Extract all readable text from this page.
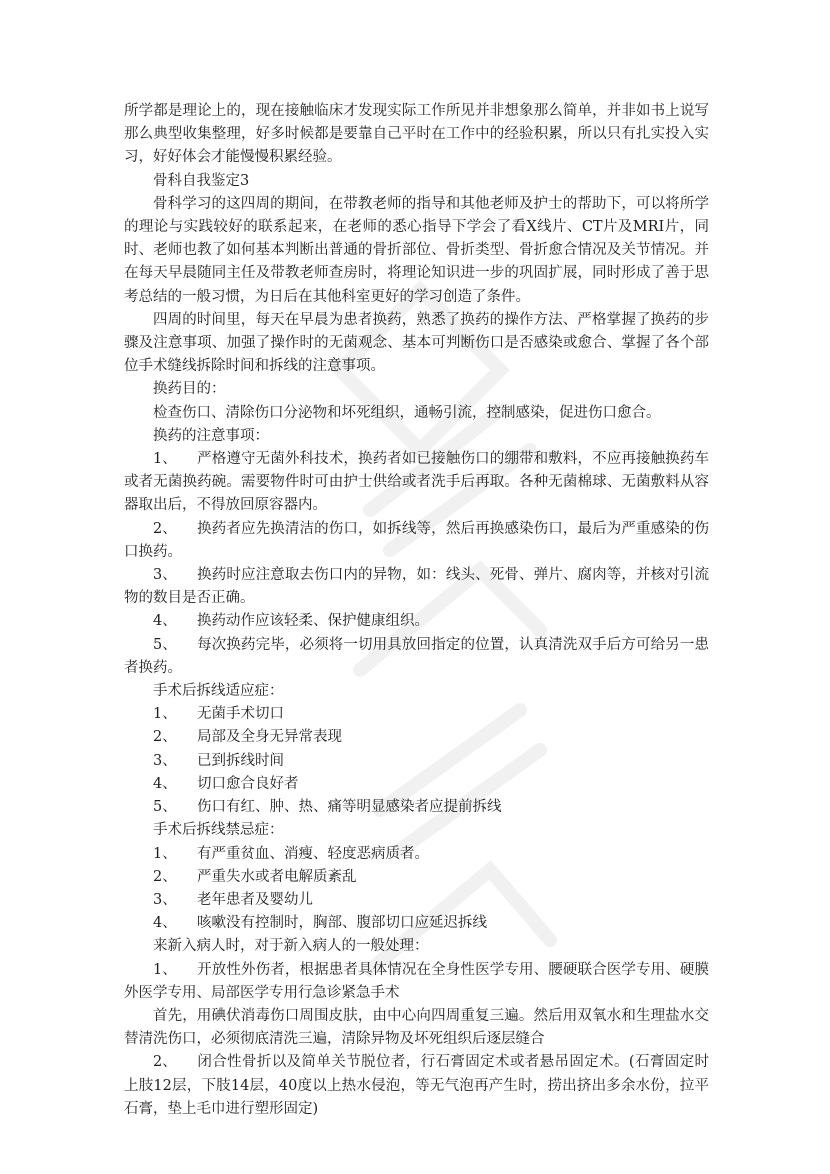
所学都是理论上的，现在接触临床才发现实际工作所见并非想象那么简单，并非如书上说写那么典型收集整理，好多时候都是要靠自己平时在工作中的经验积累，所以只有扎实投入实习，好好体会才能慢慢积累经验。

骨科自我鉴定3

骨科学习的这四周的期间，在带教老师的指导和其他老师及护士的帮助下，可以将所学的理论与实践较好的联系起来，在老师的悉心指导下学会了看X线片、CT片及MRI片，同时、老师也教了如何基本判断出普通的骨折部位、骨折类型、骨折愈合情况及关节情况。并在每天早晨随同主任及带教老师查房时，将理论知识进一步的巩固扩展，同时形成了善于思考总结的一般习惯，为日后在其他科室更好的学习创造了条件。

四周的时间里，每天在早晨为患者换药，熟悉了换药的操作方法、严格掌握了换药的步骤及注意事项、加强了操作时的无菌观念、基本可判断伤口是否感染或愈合、掌握了各个部位手术缝线拆除时间和拆线的注意事项。

换药目的：

检查伤口、清除伤口分泌物和坏死组织，通畅引流，控制感染，促进伤口愈合。

换药的注意事项：

1、 严格遵守无菌外科技术，换药者如已接触伤口的绷带和敷料，不应再接触换药车或者无菌换药碗。需要物件时可由护士供给或者洗手后再取。各种无菌棉球、无菌敷料从容器取出后，不得放回原容器内。

2、 换药者应先换清洁的伤口，如拆线等，然后再换感染伤口，最后为严重感染的伤口换药。

3、 换药时应注意取去伤口内的异物，如：线头、死骨、弹片、腐肉等，并核对引流物的数目是否正确。

4、 换药动作应该轻柔、保护健康组织。

5、 每次换药完毕，必须将一切用具放回指定的位置，认真清洗双手后方可给另一患者换药。

手术后拆线适应症：

1、 无菌手术切口

2、 局部及全身无异常表现

3、 已到拆线时间

4、 切口愈合良好者

5、 伤口有红、肿、热、痛等明显感染者应提前拆线

手术后拆线禁忌症：

1、 有严重贫血、消瘦、轻度恶病质者。

2、 严重失水或者电解质紊乱

3、 老年患者及婴幼儿

4、 咳嗽没有控制时，胸部、腹部切口应延迟拆线

来新入病人时，对于新入病人的一般处理：

1、 开放性外伤者，根据患者具体情况在全身性医学专用、腰硬联合医学专用、硬膜外医学专用、局部医学专用行急诊紧急手术

首先，用碘伏消毒伤口周围皮肤，由中心向四周重复三遍。然后用双氧水和生理盐水交替清洗伤口，必须彻底清洗三遍，清除异物及坏死组织后逐层缝合

2、 闭合性骨折以及简单关节脱位者，行石膏固定术或者悬吊固定术。(石膏固定时上肢12层，下肢14层，40度以上热水侵泡，等无气泡再产生时，捞出挤出多余水份，拉平石膏，垫上毛巾进行塑形固定)
